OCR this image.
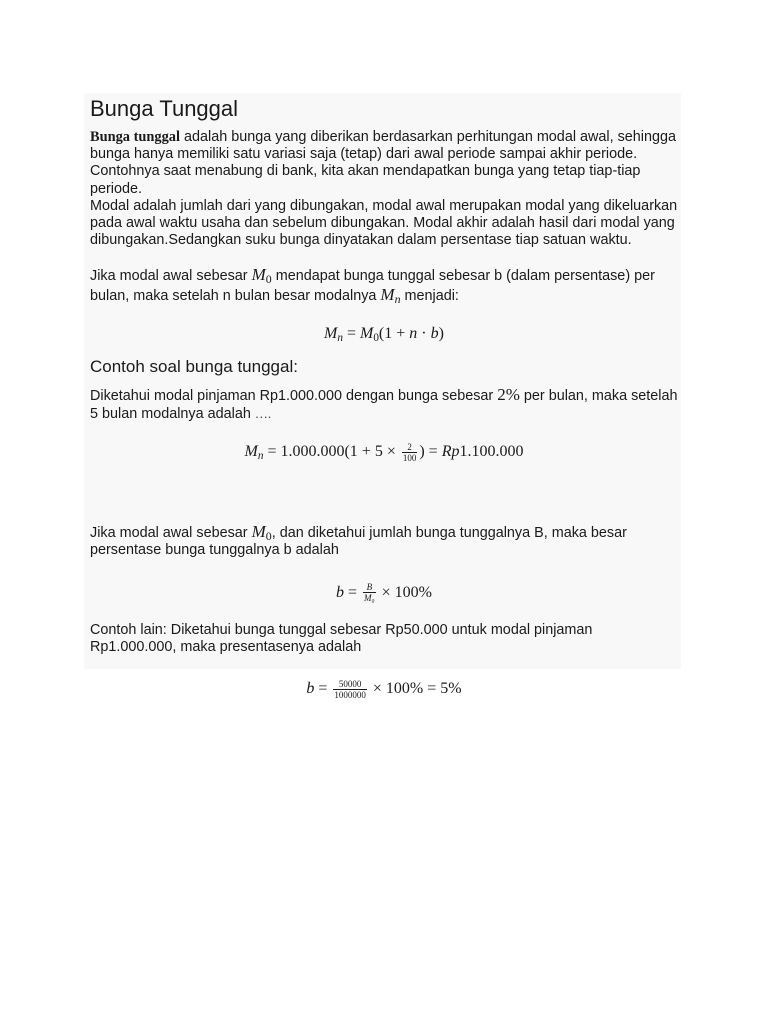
Bunga Tunggal

Bunga tunggal adalah bunga yang diberikan berdasarkan perhitungan modal awal, sehingga bunga hanya memiliki satu variasi saja (tetap) dari awal periode sampai akhir periode. Contohnya saat menabung di bank, kita akan mendapatkan bunga yang tetap tiap-tiap periode.

Modal adalah jumlah dari yang dibungakan, modal awal merupakan modal yang dikeluarkan pada awal waktu usaha dan sebelum dibungakan. Modal akhir adalah hasil dari modal yang dibungakan.Sedangkan suku bunga dinyatakan dalam persentase tiap satuan waktu.

Jika modal awal sebesar $M_0$ mendapat bunga tunggal sebesar b (dalam persentase) per bulan, maka setelah n bulan besar modalnya $M_n$ menjadi:

$M_n = M_0(1 + n \cdot b)$
Contoh soal bunga tunggal:

Diketahui modal pinjaman Rp1.000.000 dengan bunga sebesar 2% per bulan, maka setelah 5 bulan modalnya adalah ….

$M_n = 1.000.000(1 + 5 \times \frac{2}{100}$ ) = Rp1.100.000

Jika modal awal sebesar $M_0$, dan diketahui jumlah bunga tunggalnya B, maka besar persentase bunga tunggalnya b adalah

$b = \frac{B}{\text{M₀}} \times 100\%$

Contoh lain: Diketahui bunga tunggal sebesar Rp50.000 untuk modal pinjaman Rp1.000.000, maka presentasenya adalah

$b = \frac{50000}{1000000} \times 100\% = 5\%$
